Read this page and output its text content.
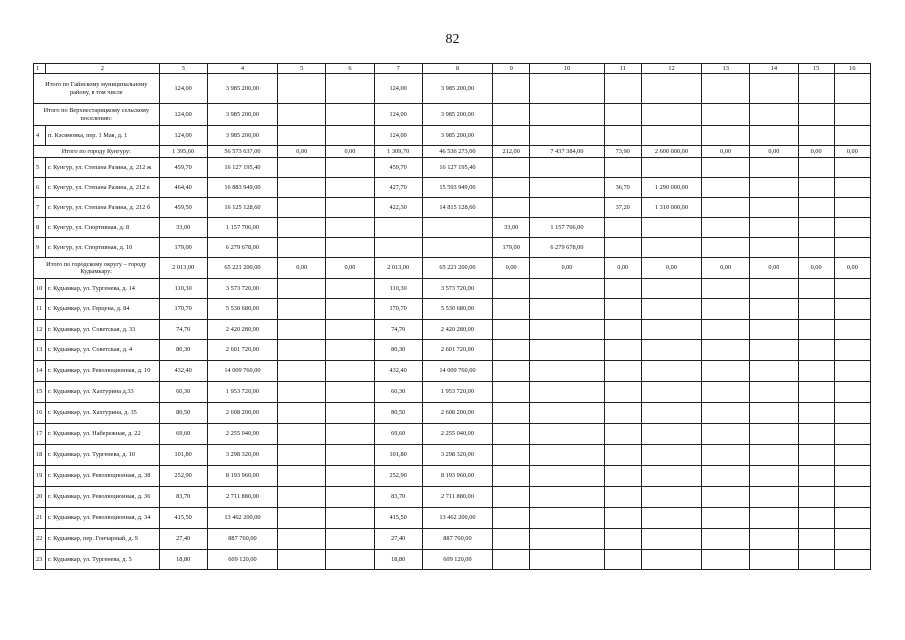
82
1	2	3	4	5	6	7	8	9	10	11	12	13	14	15	16
Итого по Гайнскому муниципальному району, в том числе		124,00	3 985 200,00			124,00	3 985 200,00								
Итого по Верхнестарицкому сельскому поселению:		124,00	3 985 200,00			124,00	3 985 200,00								
4	п. Кэсямовка, пер. 1 Мая, д. 1	124,00	3 985 200,00			124,00	3 985 200,00								
Итого по городу Кунгуру:		1 395,60	56 573 637,00	0,00	0,00	1 309,70	46 536 273,00	212,00	7 437 384,00	73,90	2 600 000,00	0,00	0,00	0,00	0,00
5	г. Кунгур, ул. Степана Разина, д. 212 ж	459,70	16 127 195,40			459,70	16 127 195,40								
6	г. Кунгур, ул. Степана Разина, д. 212 е	464,40	16 883 949,00			427,70	15 593 949,00			36,70	1 290 000,00				
7	г. Кунгур, ул. Степана Разина, д. 212 б	459,50	16 125 128,60			422,30	14 815 128,60			37,20	1 310 000,00				
8	г. Кунгур, ул. Спортивная, д. 8	33,00	1 157 706,00					33,00	1 157 706,00						
9	г. Кунгур, ул. Спортивная, д. 10	179,00	6 279 678,00					179,00	6 279 678,00						
Итого по городскому округу – городу Кудымкару:		2 013,00	65 221 200,00	0,00	0,00	2 013,00	65 221 200,00	0,00	0,00	0,00	0,00	0,00	0,00	0,00	0,00
10	г. Кудымкар, ул. Тургенева, д. 14	110,30	3 573 720,00			110,30	3 573 720,00								
11	г. Кудымкар, ул. Герцена, д. 84	170,70	5 530 680,00			170,70	5 530 680,00								
12	г. Кудымкар, ул. Советская, д. 33	74,70	2 420 280,00			74,70	2 420 280,00								
13	г. Кудымкар, ул. Советская, д. 4	80,30	2 601 720,00			80,30	2 601 720,00								
14	г. Кудымкар, ул. Революционная, д. 10	432,40	14 009 760,00			432,40	14 009 760,00								
15	г. Кудымкар, ул. Хахтурина д.33	60,30	1 953 720,00			60,30	1 953 720,00								
16	г. Кудымкар, ул. Хахтурина, д. 35	80,50	2 608 200,00			80,50	2 608 200,00								
17	г. Кудымкар, ул. Набережная, д. 22	69,60	2 255 040,00			69,60	2 255 040,00								
18	г. Кудымкар, ул. Тургенева, д. 10	101,80	3 298 320,00			101,80	3 298 320,00								
19	г. Кудымкар, ул. Революционная, д. 38	252,90	8 193 960,00			252,90	8 193 960,00								
20	г. Кудымкар, ул. Революционная, д. 36	83,70	2 711 880,00			83,70	2 711 880,00								
21	г. Кудымкар, ул. Революционная, д. 34	415,50	13 462 200,00			415,50	13 462 200,00								
22	г. Кудымкар, пер. Гончарный, д. 9	27,40	887 760,00			27,40	887 760,00								
23	г. Кудымкар, ул. Тургенева, д. 5	18,80	609 120,00			18,80	609 120,00								
